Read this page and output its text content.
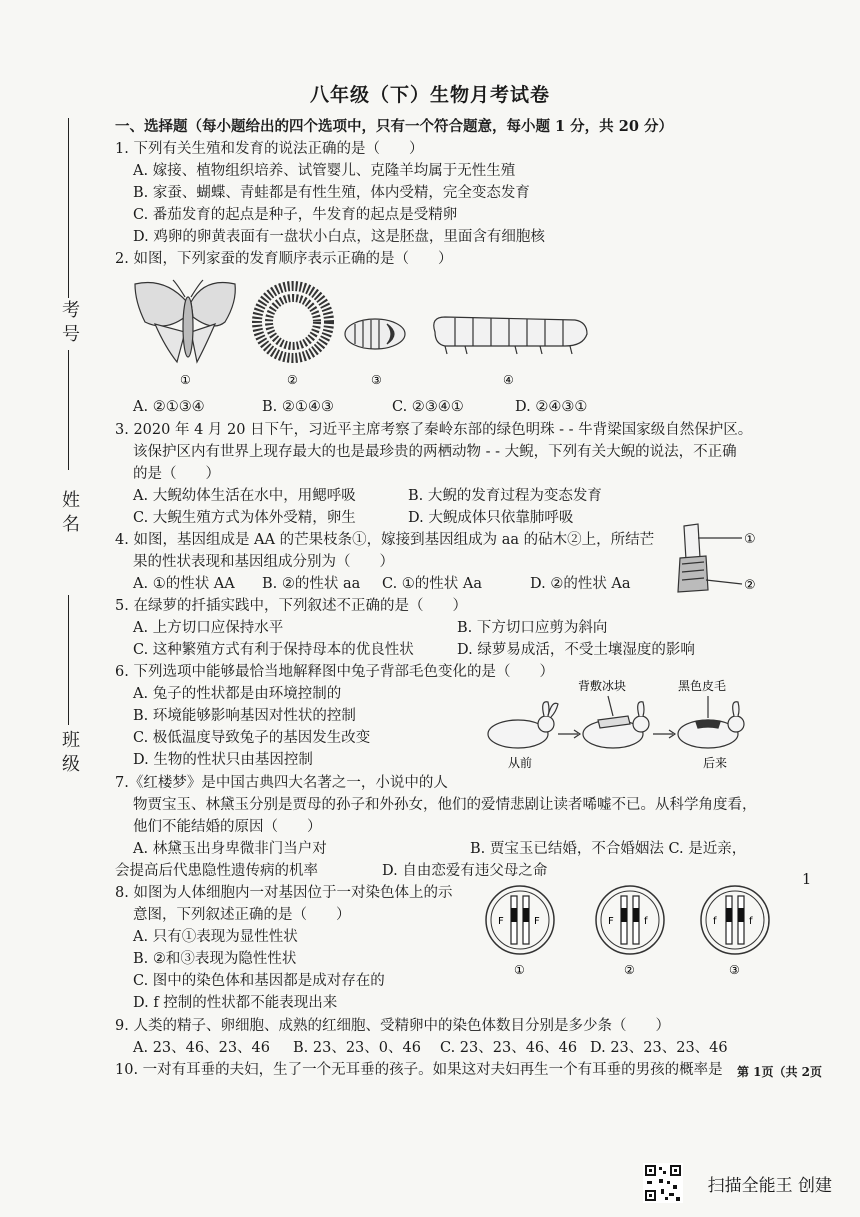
八年级（下）生物月考试卷
考号
姓名
班级
一、选择题（每小题给出的四个选项中，只有一个符合题意，每小题 1 分，共 20 分）
1. 下列有关生殖和发育的说法正确的是（　　）
A. 嫁接、植物组织培养、试管婴儿、克隆羊均属于无性生殖
B. 家蚕、蝴蝶、青蛙都是有性生殖，体内受精，完全变态发育
C. 番茄发育的起点是种子，牛发育的起点是受精卵
D. 鸡卵的卵黄表面有一盘状小白点，这是胚盘，里面含有细胞核
2. 如图，下列家蚕的发育顺序表示正确的是（　　）
①	②	③	④
A. ②①③④	B. ②①④③	C. ②③④①	D. ②④③①
3. 2020 年 4 月 20 日下午，习近平主席考察了秦岭东部的绿色明珠 - - 牛背梁国家级自然保护区。
该保护区内有世界上现存最大的也是最珍贵的两栖动物 - - 大鲵，下列有关大鲵的说法，不正确
的是（　　）
A. 大鲵幼体生活在水中，用鳃呼吸	B. 大鲵的发育过程为变态发育
C. 大鲵生殖方式为体外受精，卵生	D. 大鲵成体只依靠肺呼吸
4. 如图，基因组成是 AA 的芒果枝条①，嫁接到基因组成为 aa 的砧木②上，所结芒
果的性状表现和基因组成分别为（　　）
A. ①的性状 AA B. ②的性状 aa C. ①的性状 Aa	D. ②的性状 Aa
①
②
5. 在绿萝的扦插实践中，下列叙述不正确的是（　　）
A. 上方切口应保持水平	B. 下方切口应剪为斜向
C. 这种繁殖方式有利于保持母本的优良性状	D. 绿萝易成活，不受土壤湿度的影响
6. 下列选项中能够最恰当地解释图中兔子背部毛色变化的是（　　）
A. 兔子的性状都是由环境控制的
B. 环境能够影响基因对性状的控制
C. 极低温度导致兔子的基因发生改变
D. 生物的性状只由基因控制
背敷冰块	黑色皮毛
从前	后来
7.《红楼梦》是中国古典四大名著之一，小说中的人
物贾宝玉、林黛玉分别是贾母的孙子和外孙女，他们的爱情悲剧让读者唏嘘不已。从科学角度看，
他们不能结婚的原因（　　）
A. 林黛玉出身卑微非门当户对	B. 贾宝玉已结婚，不合婚姻法 C. 是近亲，
会提高后代患隐性遗传病的机率	D. 自由恋爱有违父母之命
8. 如图为人体细胞内一对基因位于一对染色体上的示
意图，下列叙述正确的是（　　）
A. 只有①表现为显性性状
B. ②和③表现为隐性性状
C. 图中的染色体和基因都是成对存在的
D. f 控制的性状都不能表现出来
1
F	F
①
F	f
②
f	f
③
9. 人类的精子、卵细胞、成熟的红细胞、受精卵中的染色体数目分别是多少条（　　）
A. 23、46、23、46 B. 23、23、0、46 C. 23、23、46、46 D. 23、23、23、46
10. 一对有耳垂的夫妇，生了一个无耳垂的孩子。如果这对夫妇再生一个有耳垂的男孩的概率是 第 1页（共 2页
扫描全能王 创建
